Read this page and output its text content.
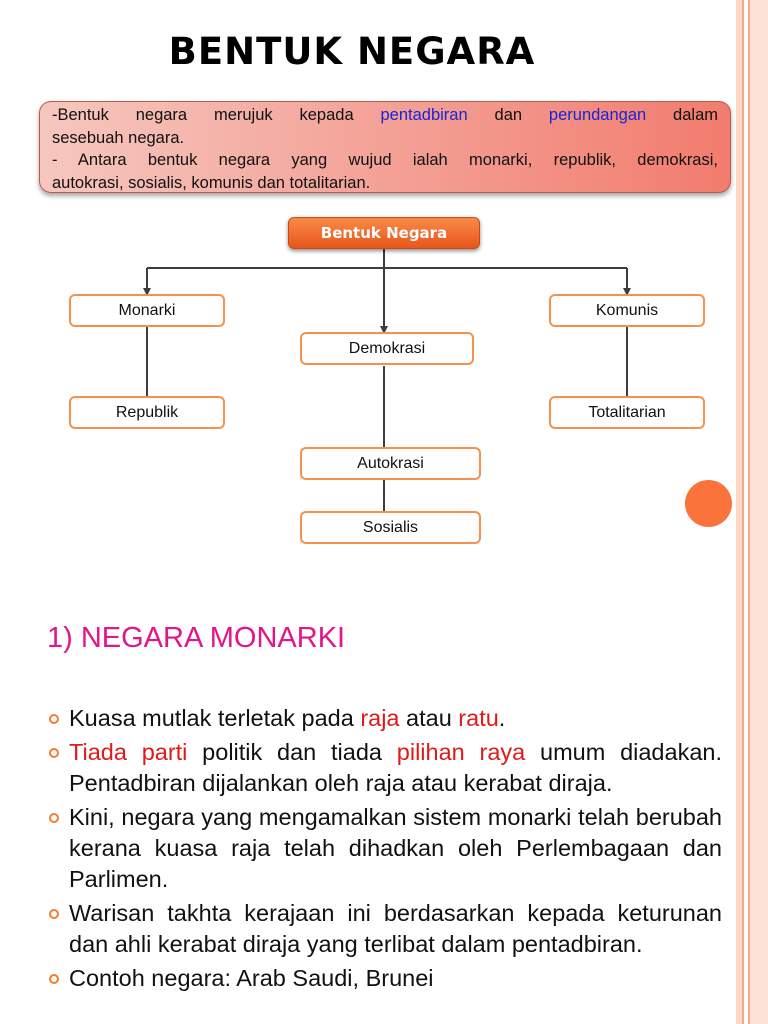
BENTUK NEGARA

-Bentuk negara merujuk kepada pentadbiran dan perundangan dalam

sesebuah negara.

- Antara bentuk negara yang wujud ialah monarki, republik, demokrasi,

autokrasi, sosialis, komunis dan totalitarian.

Bentuk Negara
Monarki
Republik
Demokrasi
Autokrasi
Sosialis
Komunis
Totalitarian
1) NEGARA MONARKI
Kuasa mutlak terletak pada raja atau ratu.
Tiada parti politik dan tiada pilihan raya umum diadakan. Pentadbiran dijalankan oleh raja atau kerabat diraja.
Kini, negara yang mengamalkan sistem monarki telah berubah kerana kuasa raja telah dihadkan oleh Perlembagaan dan Parlimen.
Warisan takhta kerajaan ini berdasarkan kepada keturunan dan ahli kerabat diraja yang terlibat dalam pentadbiran.
Contoh negara: Arab Saudi, Brunei
